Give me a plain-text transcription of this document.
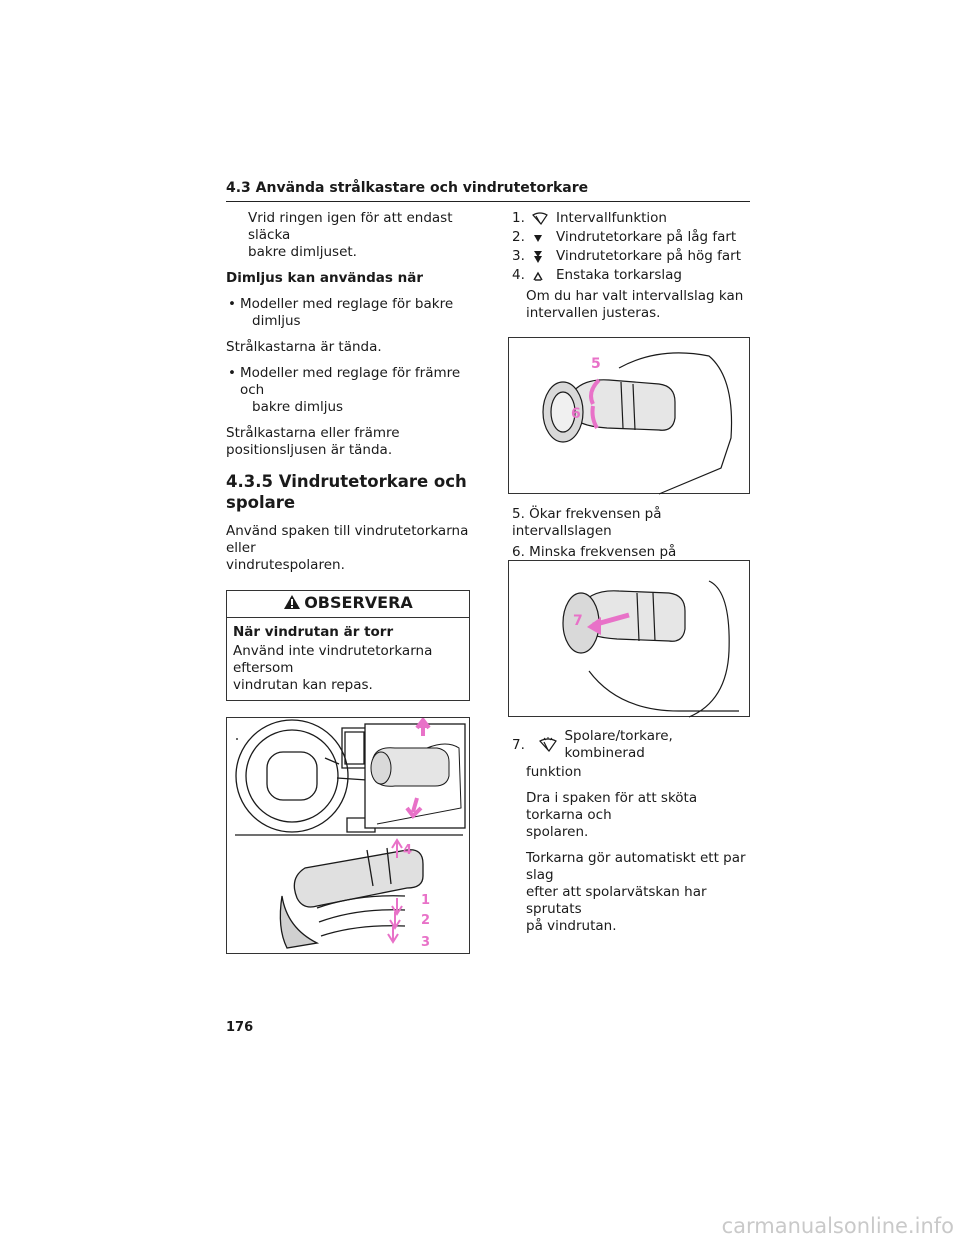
4.3 Använda strålkastare och vindrutetorkare

Vrid ringen igen för att endast släcka
bakre dimljuset.

Dimljus kan användas när

• Modeller med reglage för bakre
dimljus

Strålkastarna är tända.

• Modeller med reglage för främre och
bakre dimljus

Strålkastarna eller främre
positionsljusen är tända.

4.3.5 Vindrutetorkare och
spolare

Använd spaken till vindrutetorkarna eller
vindrutespolaren.

OBSERVERA

När vindrutan är torr

Använd inte vindrutetorkarna eftersom
vindrutan kan repas.

4
1
2
3
1.	Intervallfunktion
2.	Vindrutetorkare på låg fart
3.	Vindrutetorkare på hög fart
4.	Enstaka torkarslag

Om du har valt intervallslag kan
intervallen justeras.

5
6

5. Ökar frekvensen på intervallslagen

6. Minska frekvensen på

7
7.
Spolare/torkare, kombinerad

funktion

Dra i spaken för att sköta torkarna och
spolaren.

Torkarna gör automatiskt ett par slag
efter att spolarvätskan har sprutats
på vindrutan.

176
carmanualsonline.info
